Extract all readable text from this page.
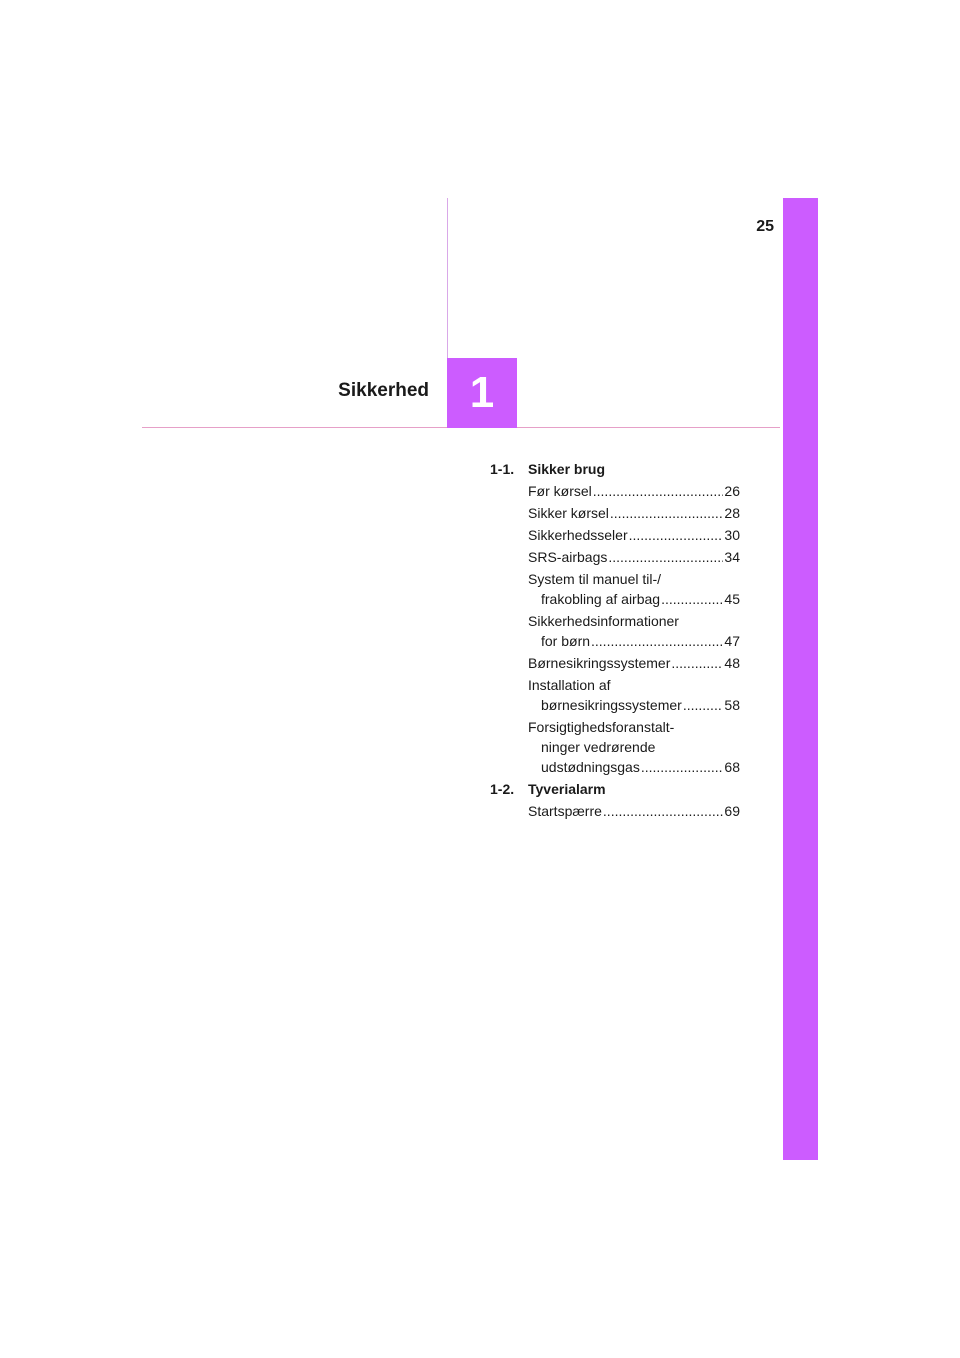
25
Sikkerhed 1
1-1. Sikker brug
Før kørsel .....	26
Sikker kørsel .....	28
Sikkerhedsseler .....	30
SRS-airbags .....	34
System til manuel til-/
frakobling af airbag .....	45
Sikkerhedsinformationer
for børn .....	47
Børnesikringssystemer .....	48
Installation af
børnesikringssystemer .....	58
Forsigtighedsforanstalt-
ninger vedrørende
udstødningsgas .....	68
1-2. Tyverialarm
Startspærre .....	69
